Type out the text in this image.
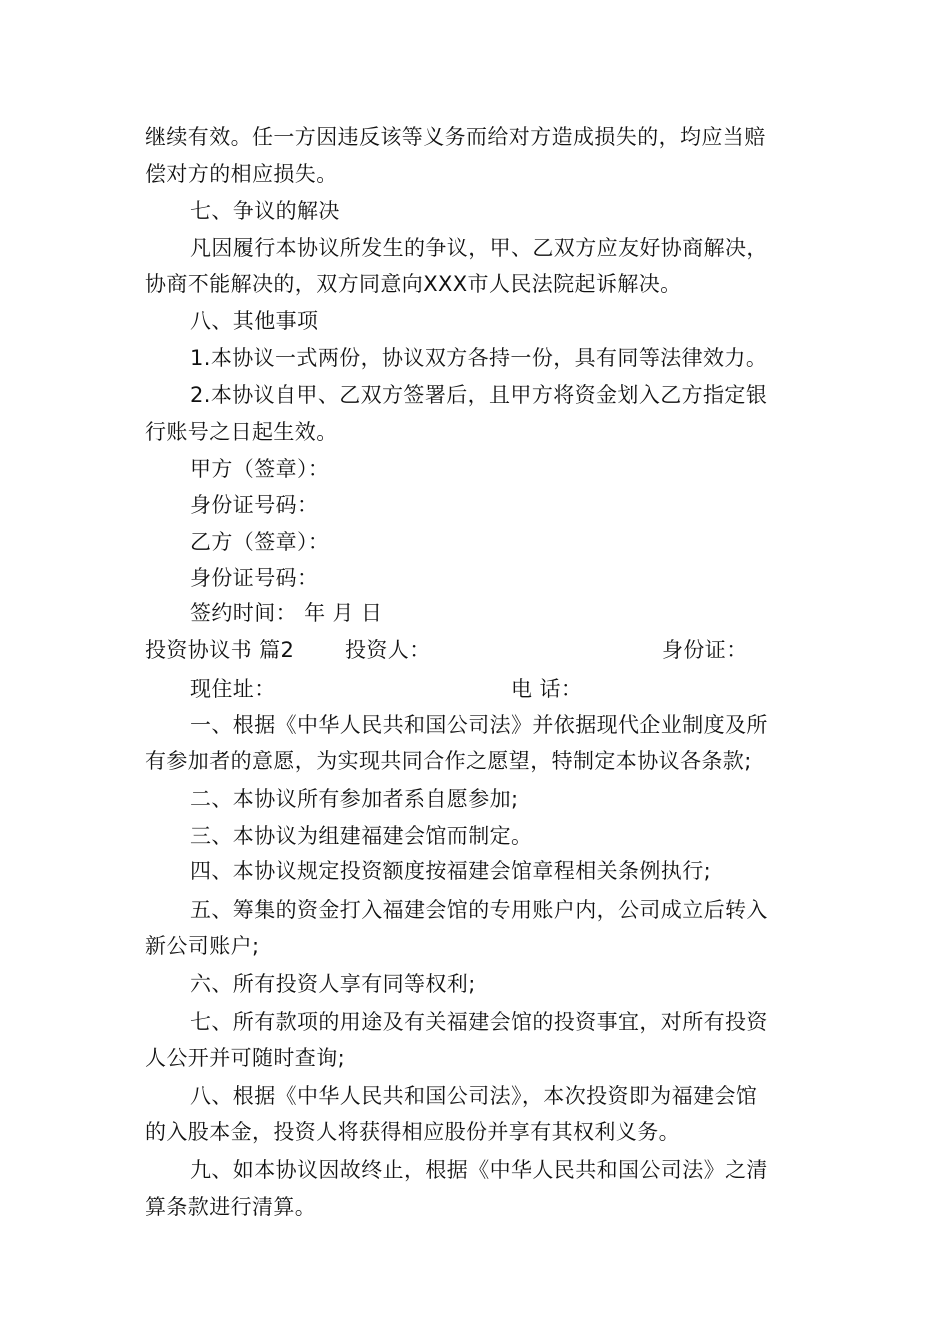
继续有效。任一方因违反该等义务而给对方造成损失的，均应当赔
偿对方的相应损失。
七、争议的解决
凡因履行本协议所发生的争议，甲、乙双方应友好协商解决，
协商不能解决的，双方同意向XXX市人民法院起诉解决。
八、其他事项
1.本协议一式两份，协议双方各持一份，具有同等法律效力。
2.本协议自甲、乙双方签署后，且甲方将资金划入乙方指定银
行账号之日起生效。
甲方（签章）：
身份证号码：
乙方（签章）：
身份证号码：
签约时间： 年 月 日
投资协议书 篇2 投资人：	身份证：
现住址：	电 话：
一、根据《中华人民共和国公司法》并依据现代企业制度及所
有参加者的意愿，为实现共同合作之愿望，特制定本协议各条款;
二、本协议所有参加者系自愿参加;
三、本协议为组建福建会馆而制定。
四、本协议规定投资额度按福建会馆章程相关条例执行;
五、筹集的资金打入福建会馆的专用账户内，公司成立后转入
新公司账户;
六、所有投资人享有同等权利;
七、所有款项的用途及有关福建会馆的投资事宜，对所有投资
人公开并可随时查询;
八、根据《中华人民共和国公司法》，本次投资即为福建会馆
的入股本金，投资人将获得相应股份并享有其权利义务。
九、如本协议因故终止，根据《中华人民共和国公司法》之清
算条款进行清算。
